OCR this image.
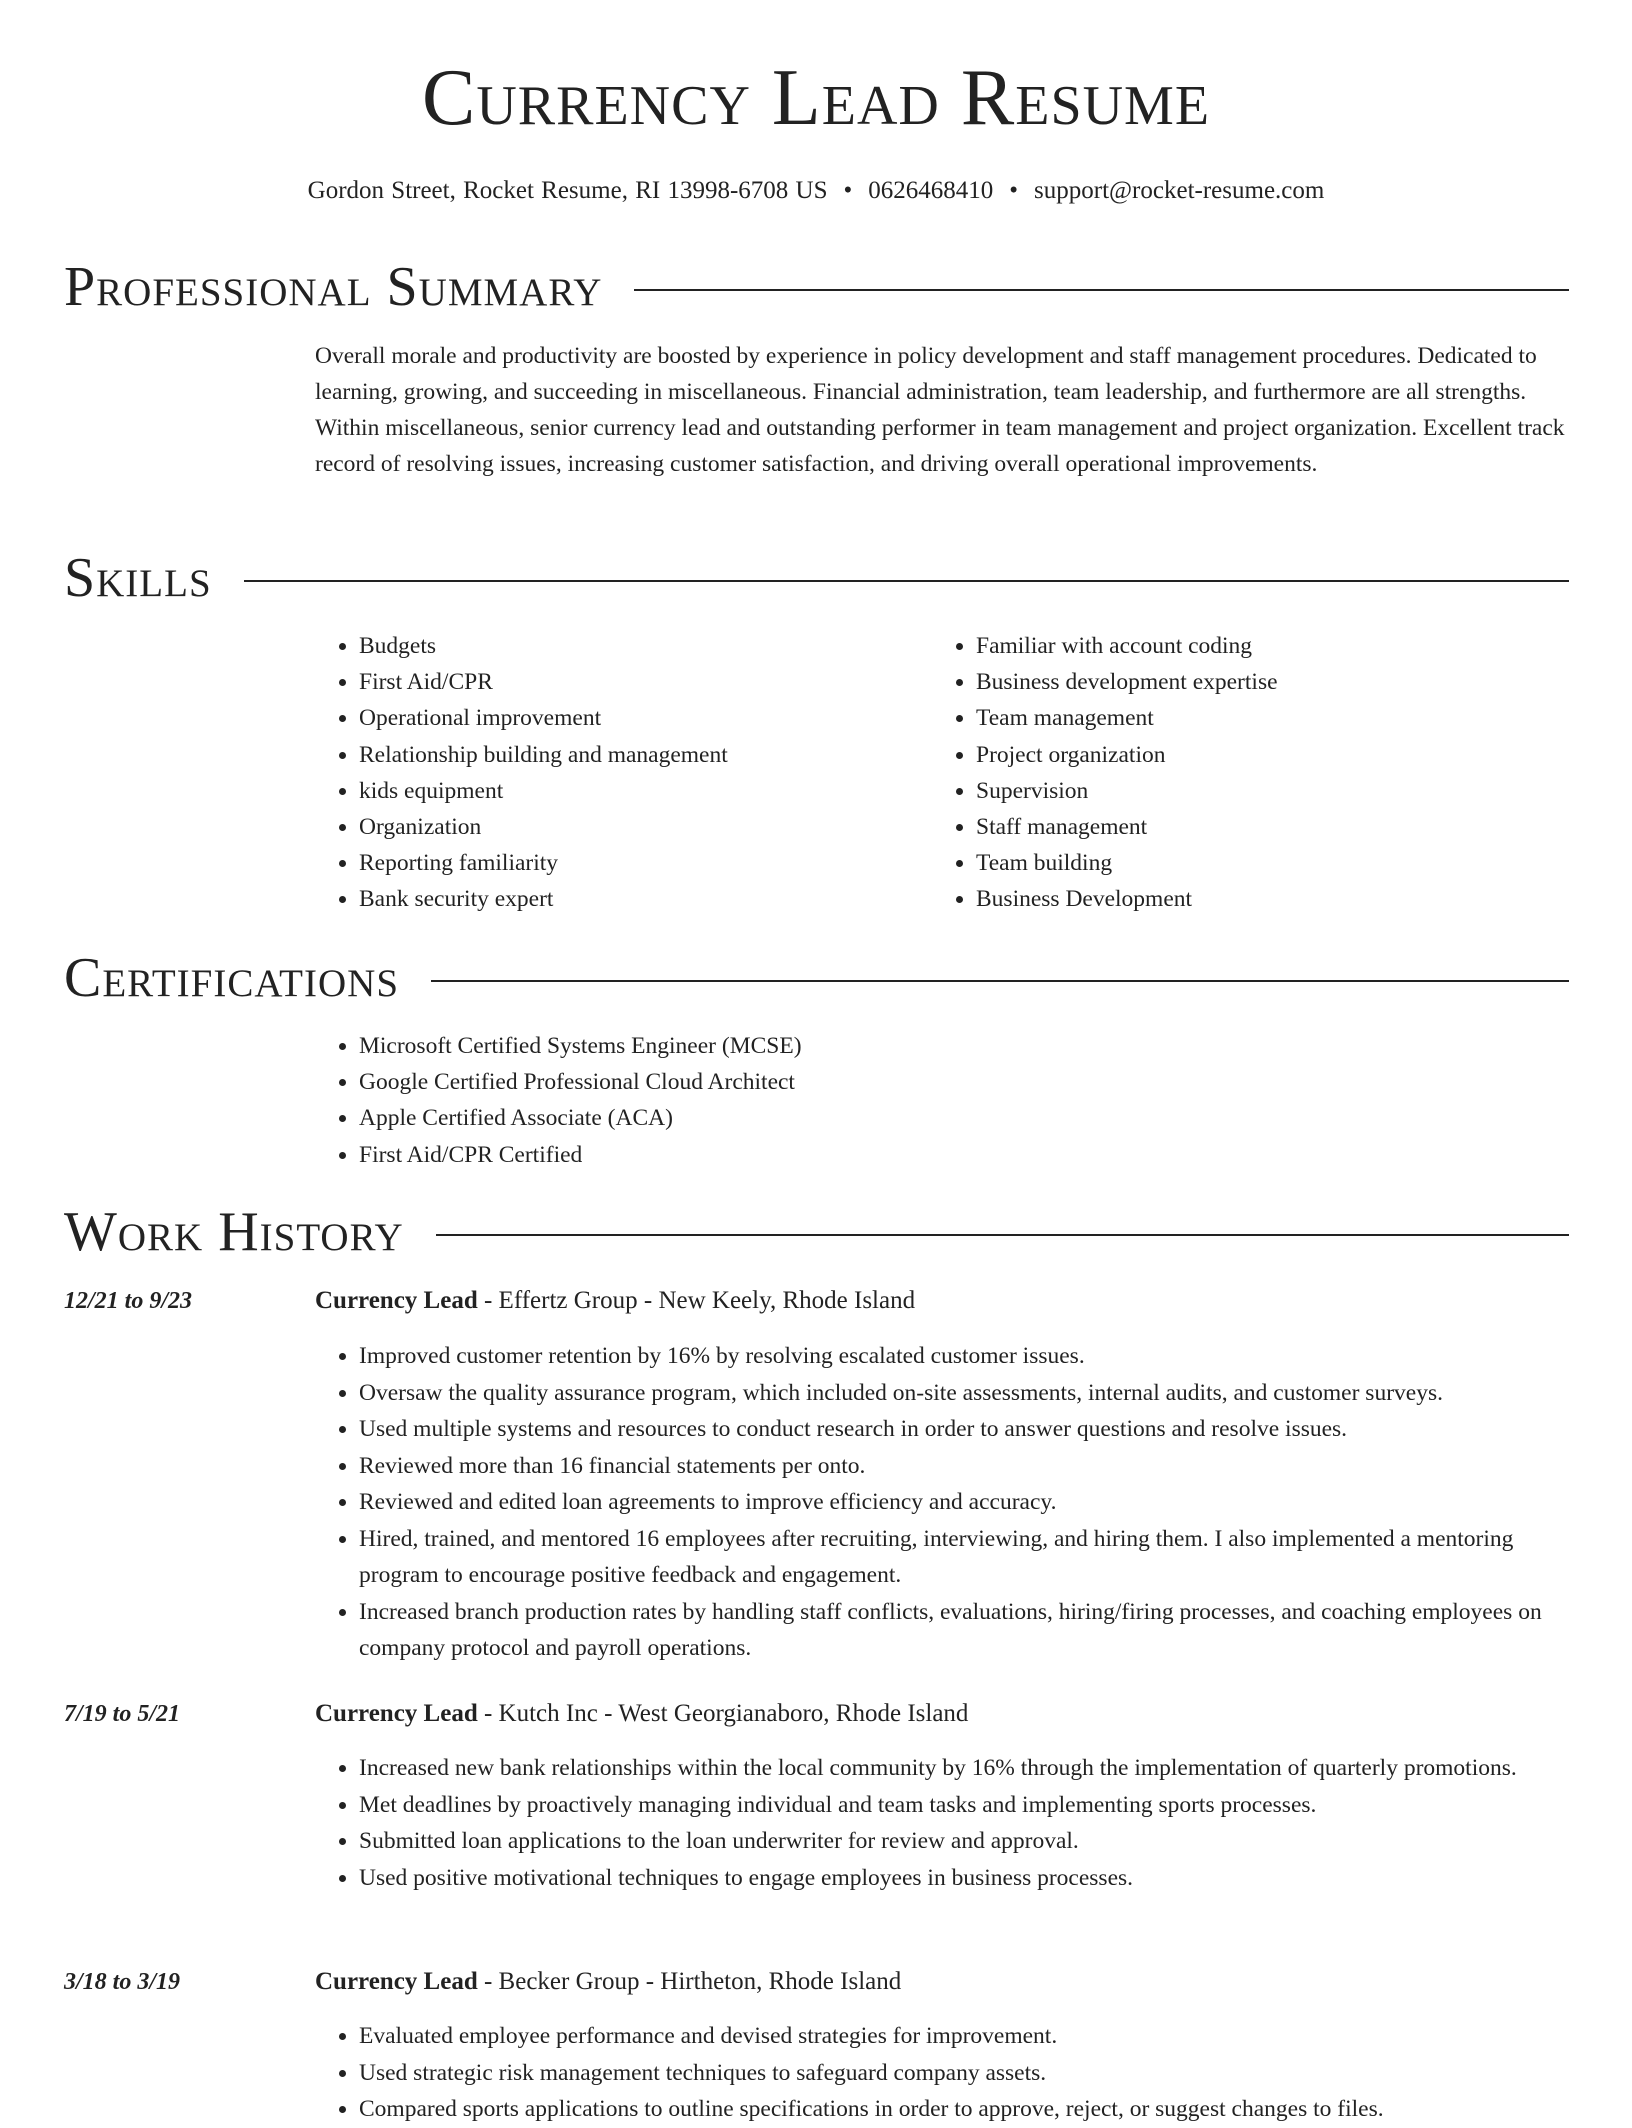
Currency Lead Resume
Gordon Street, Rocket Resume, RI 13998-6708 US • 0626468410 • support@rocket-resume.com
Professional Summary

Overall morale and productivity are boosted by experience in policy development and staff management procedures. Dedicated to learning, growing, and succeeding in miscellaneous. Financial administration, team leadership, and furthermore are all strengths. Within miscellaneous, senior currency lead and outstanding performer in team management and project organization. Excellent track record of resolving issues, increasing customer satisfaction, and driving overall operational improvements.

Skills
• Budgets
• First Aid/CPR
• Operational improvement
• Relationship building and management
• kids equipment
• Organization
• Reporting familiarity
• Bank security expert
• Familiar with account coding
• Business development expertise
• Team management
• Project organization
• Supervision
• Staff management
• Team building
• Business Development
Certifications
• Microsoft Certified Systems Engineer (MCSE)
• Google Certified Professional Cloud Architect
• Apple Certified Associate (ACA)
• First Aid/CPR Certified
Work History
12/21 to 9/23	Currency Lead - Effertz Group - New Keely, Rhode Island
• Improved customer retention by 16% by resolving escalated customer issues.
• Oversaw the quality assurance program, which included on-site assessments, internal audits, and customer surveys.
• Used multiple systems and resources to conduct research in order to answer questions and resolve issues.
• Reviewed more than 16 financial statements per onto.
• Reviewed and edited loan agreements to improve efficiency and accuracy.
• Hired, trained, and mentored 16 employees after recruiting, interviewing, and hiring them. I also implemented a mentoring program to encourage positive feedback and engagement.
• Increased branch production rates by handling staff conflicts, evaluations, hiring/firing processes, and coaching employees on company protocol and payroll operations.
7/19 to 5/21	Currency Lead - Kutch Inc - West Georgianaboro, Rhode Island
• Increased new bank relationships within the local community by 16% through the implementation of quarterly promotions.
• Met deadlines by proactively managing individual and team tasks and implementing sports processes.
• Submitted loan applications to the loan underwriter for review and approval.
• Used positive motivational techniques to engage employees in business processes.
3/18 to 3/19	Currency Lead - Becker Group - Hirtheton, Rhode Island
• Evaluated employee performance and devised strategies for improvement.
• Used strategic risk management techniques to safeguard company assets.
• Compared sports applications to outline specifications in order to approve, reject, or suggest changes to files.
